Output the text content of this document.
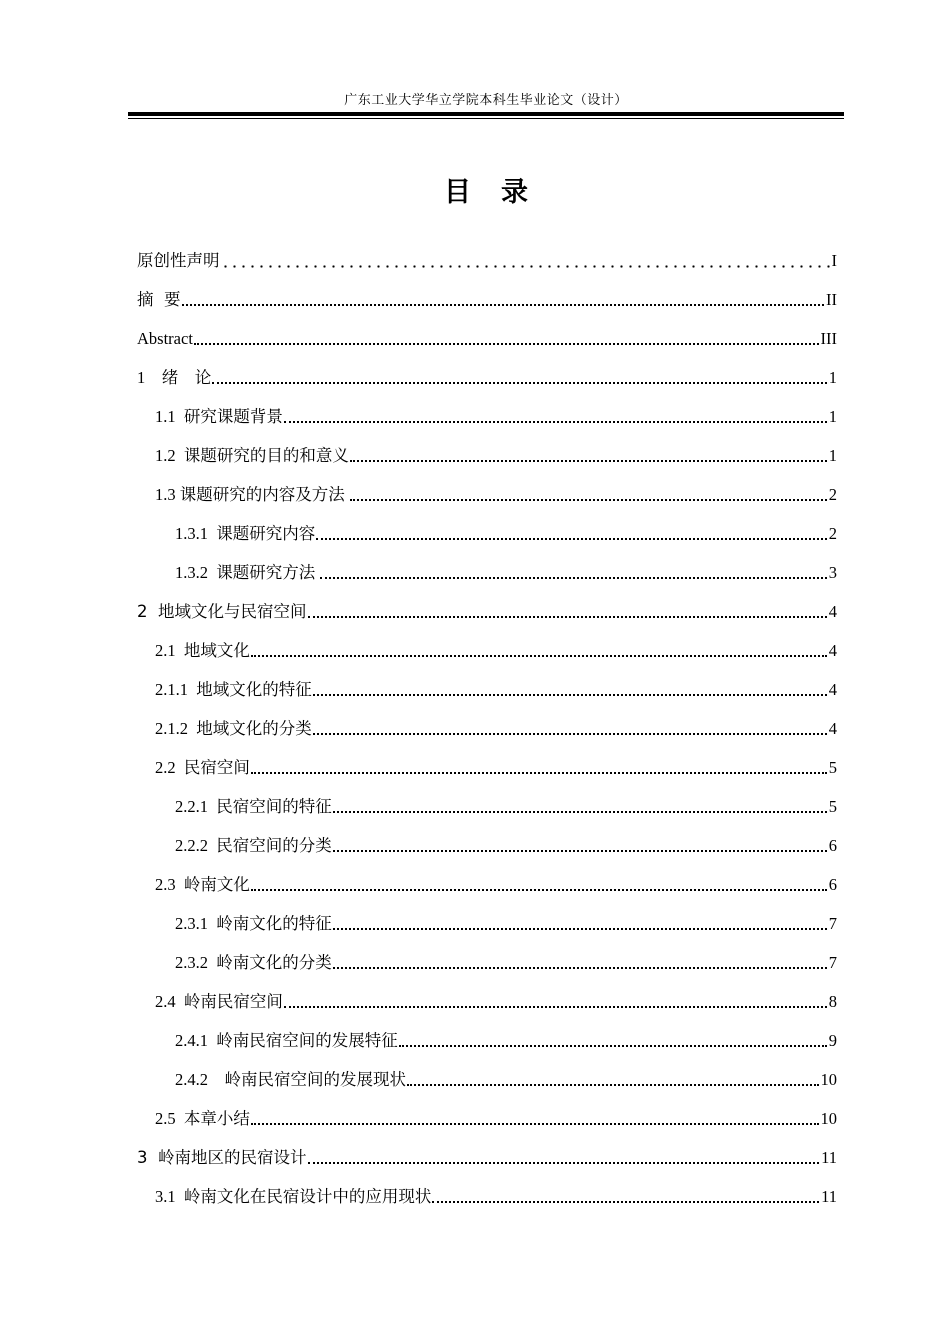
广东工业大学华立学院本科生毕业论文（设计）
目录
原创性声明	I
摘  要	II
Abstract	III
1    绪    论	1
1.1  研究课题背景	1
1.2  课题研究的目的和意义	1
1.3 课题研究的内容及方法	2
1.3.1  课题研究内容	2
1.3.2  课题研究方法	3
2  地域文化与民宿空间	4
2.1  地域文化	4
2.1.1  地域文化的特征	4
2.1.2  地域文化的分类	4
2.2  民宿空间	5
2.2.1  民宿空间的特征	5
2.2.2  民宿空间的分类	6
2.3  岭南文化	6
2.3.1  岭南文化的特征	7
2.3.2  岭南文化的分类	7
2.4  岭南民宿空间	8
2.4.1  岭南民宿空间的发展特征	9
2.4.2    岭南民宿空间的发展现状	10
2.5  本章小结	10
3  岭南地区的民宿设计	11
3.1  岭南文化在民宿设计中的应用现状	11
